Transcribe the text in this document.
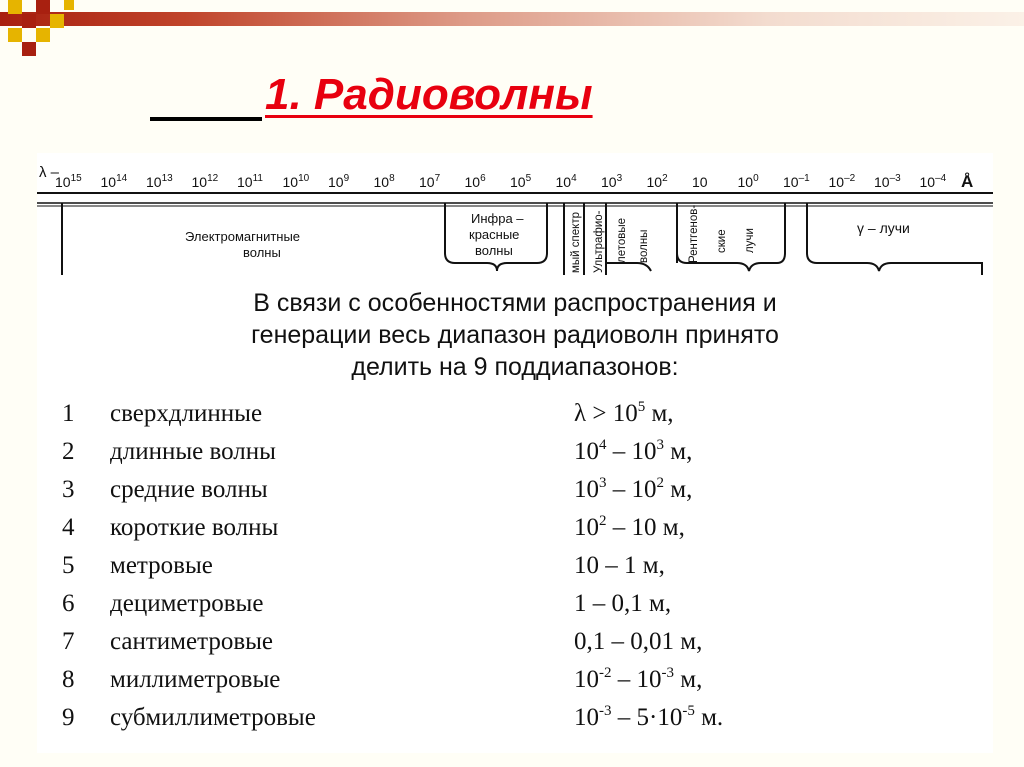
1. Радиоволны
λ –	Å
$10^{15}$ $10^{14}$ $10^{13}$ $10^{12}$ $10^{11}$ $10^{10}$ $10^9$ $10^8$ $10^7$ $10^6$ $10^5$ $10^4$ $10^3$ $10^2$ 10 $10^0$ $10^{-1}$ $10^{-2}$ $10^{-3}$ $10^{-4}$
Электромагнитные
волны
Инфра –
красные
волны
γ – лучи
мый спектр Ультрафио- летовые волны	Рентгенов- ские лучи

В связи с особенностями распространения и

генерации весь диапазон радиоволн принято

делить на 9 поддиапазонов:

1	сверхдлинные	$\lambda > 10^5$ м,
2	длинные волны	$10^4 - 10^3$ м,
3	средние волны	$10^3 - 10^2$ м,
4	короткие волны	$10^2 - 10$ м,
5	метровые	10 – 1 м,
6	дециметровые	1 – 0,1 м,
7	сантиметровые	0,1 – 0,01 м,
8	миллиметровые	$10^{-2} - 10^{-3}$ м,
9	субмиллиметровые	$10^{-3} - 5\cdot 10^{-5}$ м.
